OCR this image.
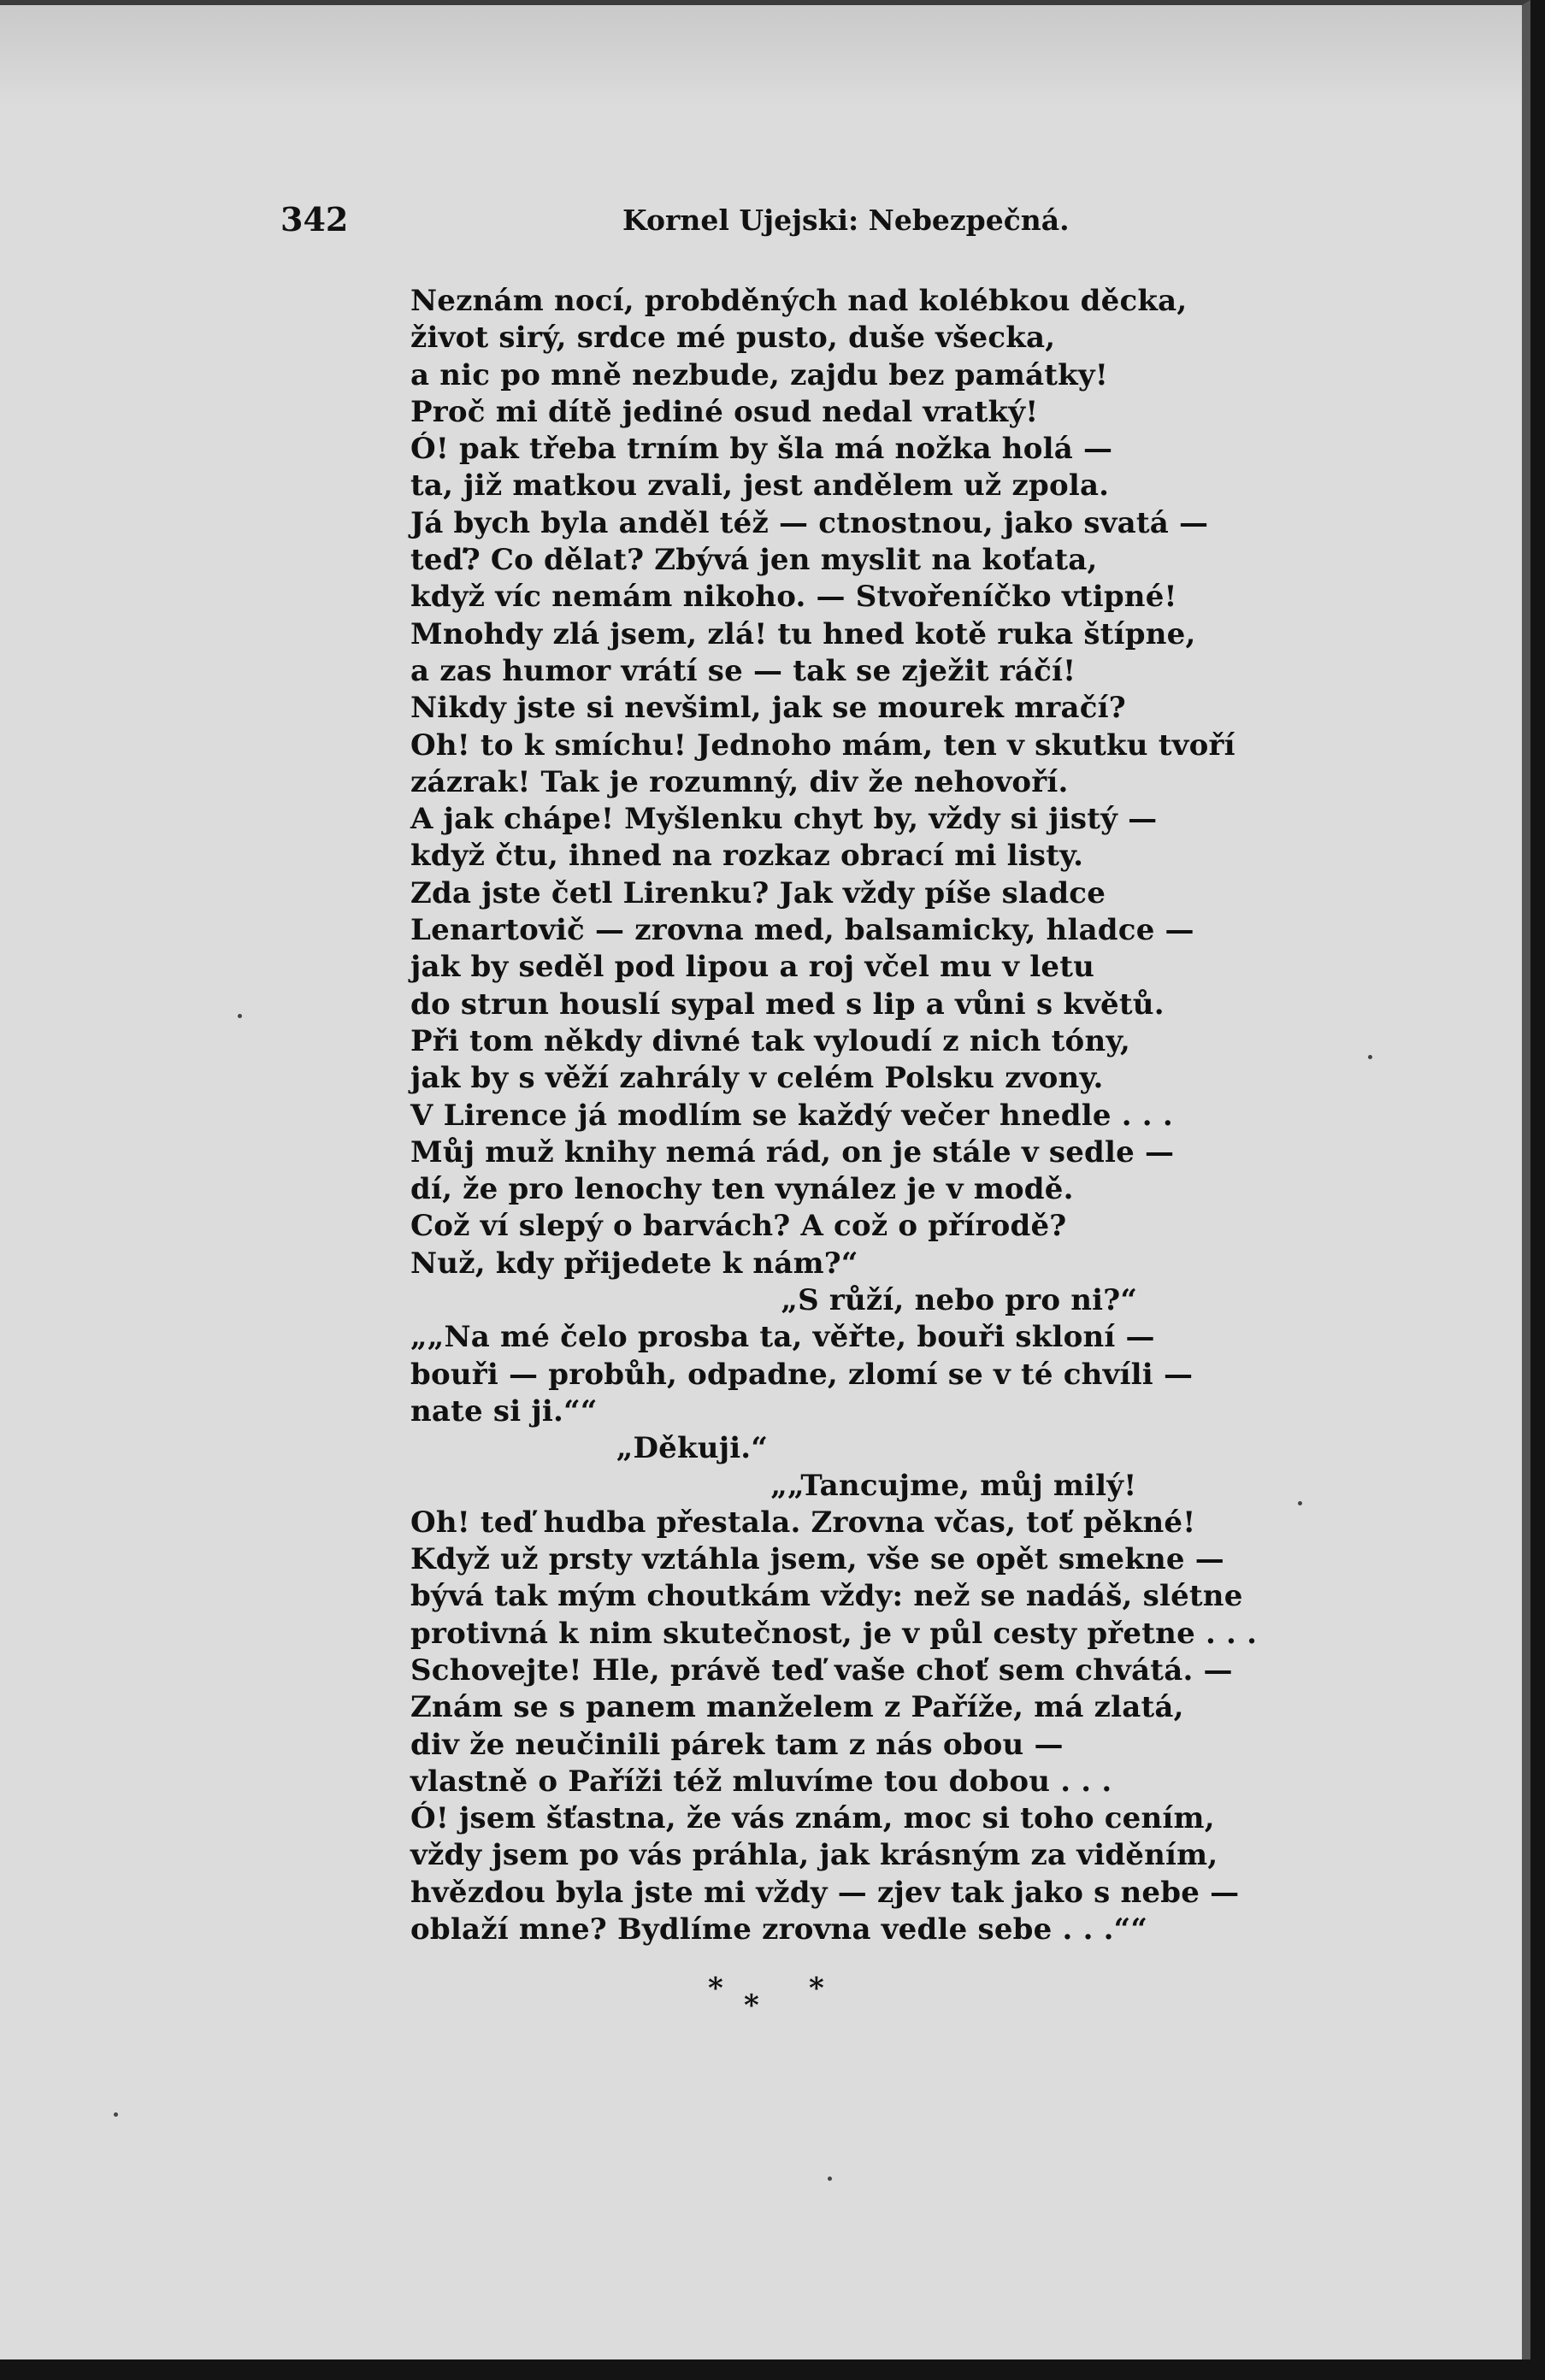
342	Kornel Ujejski: Nebezpečná.
Neznám nocí, probděných nad kolébkou děcka,
život sirý, srdce mé pusto, duše všecka,
a nic po mně nezbude, zajdu bez památky!
Proč mi dítě jediné osud nedal vratký!
Ó! pak třeba trním by šla má nožka holá —
ta, již matkou zvali, jest andělem už zpola.
Já bych byla anděl též — ctnostnou, jako svatá —
teď? Co dělat? Zbývá jen myslit na koťata,
když víc nemám nikoho. — Stvořeníčko vtipné!
Mnohdy zlá jsem, zlá! tu hned kotě ruka štípne,
a zas humor vrátí se — tak se zježit ráčí!
Nikdy jste si nevšiml, jak se mourek mračí?
Oh! to k smíchu! Jednoho mám, ten v skutku tvoří
zázrak! Tak je rozumný, div že nehovoří.
A jak chápe! Myšlenku chyt by, vždy si jistý —
když čtu, ihned na rozkaz obrací mi listy.
Zda jste četl Lirenku? Jak vždy píše sladce
Lenartovič — zrovna med, balsamicky, hladce —
jak by seděl pod lipou a roj včel mu v letu
do strun houslí sypal med s lip a vůni s květů.
Při tom někdy divné tak vyloudí z nich tóny,
jak by s věží zahrály v celém Polsku zvony.
V Lirence já modlím se každý večer hnedle . . .
Můj muž knihy nemá rád, on je stále v sedle —
dí, že pro lenochy ten vynález je v modě.
Což ví slepý o barvách? A což o přírodě?
Nuž, kdy přijedete k nám?“
„S růží, nebo pro ni?“
„„Na mé čelo prosba ta, věřte, bouři skloní —
bouři — probůh, odpadne, zlomí se v té chvíli —
nate si ji.““
„Děkuji.“
„„Tancujme, můj milý!
Oh! teď hudba přestala. Zrovna včas, toť pěkné!
Když už prsty vztáhla jsem, vše se opět smekne —
bývá tak mým choutkám vždy: než se nadáš, slétne
protivná k nim skutečnost, je v půl cesty přetne . . .
Schovejte! Hle, právě teď vaše choť sem chvátá. —
Znám se s panem manželem z Paříže, má zlatá,
div že neučinili párek tam z nás obou —
vlastně o Paříži též mluvíme tou dobou . . .
Ó! jsem šťastna, že vás znám, moc si toho cením,
vždy jsem po vás práhla, jak krásným za viděním,
hvězdou byla jste mi vždy — zjev tak jako s nebe —
oblaží mne? Bydlíme zrovna vedle sebe . . .““
* * *
